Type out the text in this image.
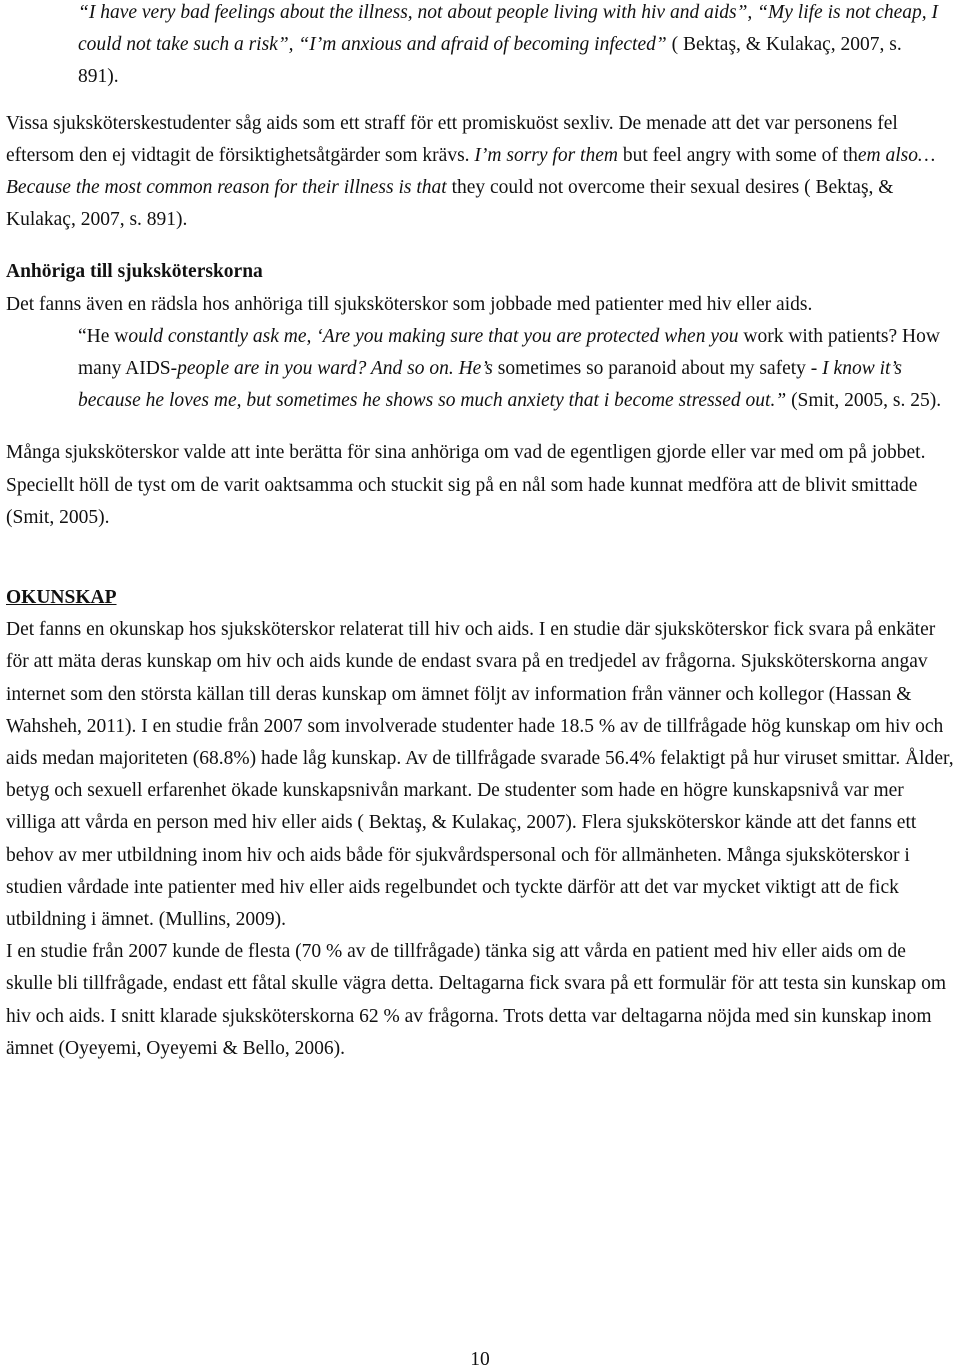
“I have very bad feelings about the illness, not about people living with hiv and aids”, “My life is not cheap, I could not take such a risk”, “I’m anxious and afraid of becoming infected” ( Bektaş, & Kulakaç, 2007, s. 891).

Vissa sjuksköterskestudenter såg aids som ett straff för ett promiskuöst sexliv. De menade att det var personens fel eftersom den ej vidtagit de försiktighetsåtgärder som krävs. I’m sorry for them but feel angry with some of them also… Because the most common reason for their illness is that they could not overcome their sexual desires ( Bektaş, & Kulakaç, 2007, s. 891).

Anhöriga till sjuksköterskorna

Det fanns även en rädsla hos anhöriga till sjuksköterskor som jobbade med patienter med hiv eller aids.

“He would constantly ask me, ‘Are you making sure that you are protected when you work with patients? How many AIDS-people are in you ward? And so on. He’s sometimes so paranoid about my safety - I know it’s because he loves me, but sometimes he shows so much anxiety that i become stressed out.” (Smit, 2005, s. 25).

Många sjuksköterskor valde att inte berätta för sina anhöriga om vad de egentligen gjorde eller var med om på jobbet. Speciellt höll de tyst om de varit oaktsamma och stuckit sig på en nål som hade kunnat medföra att de blivit smittade (Smit, 2005).

OKUNSKAP

Det fanns en okunskap hos sjuksköterskor relaterat till hiv och aids. I en studie där sjuksköterskor fick svara på enkäter för att mäta deras kunskap om hiv och aids kunde de endast svara på en tredjedel av frågorna. Sjuksköterskorna angav internet som den största källan till deras kunskap om ämnet följt av information från vänner och kollegor (Hassan & Wahsheh, 2011). I en studie från 2007 som involverade studenter hade 18.5 % av de tillfrågade hög kunskap om hiv och aids medan majoriteten (68.8%) hade låg kunskap. Av de tillfrågade svarade 56.4% felaktigt på hur viruset smittar. Ålder, betyg och sexuell erfarenhet ökade kunskapsnivån markant. De studenter som hade en högre kunskapsnivå var mer villiga att vårda en person med hiv eller aids ( Bektaş, & Kulakaç, 2007). Flera sjuksköterskor kände att det fanns ett behov av mer utbildning inom hiv och aids både för sjukvårdspersonal och för allmänheten. Många sjuksköterskor i studien vårdade inte patienter med hiv eller aids regelbundet och tyckte därför att det var mycket viktigt att de fick utbildning i ämnet. (Mullins, 2009).

I en studie från 2007 kunde de flesta (70 % av de tillfrågade) tänka sig att vårda en patient med hiv eller aids om de skulle bli tillfrågade, endast ett fåtal skulle vägra detta. Deltagarna fick svara på ett formulär för att testa sin kunskap om hiv och aids. I snitt klarade sjuksköterskorna 62 % av frågorna. Trots detta var deltagarna nöjda med sin kunskap inom ämnet (Oyeyemi, Oyeyemi & Bello, 2006).

10
